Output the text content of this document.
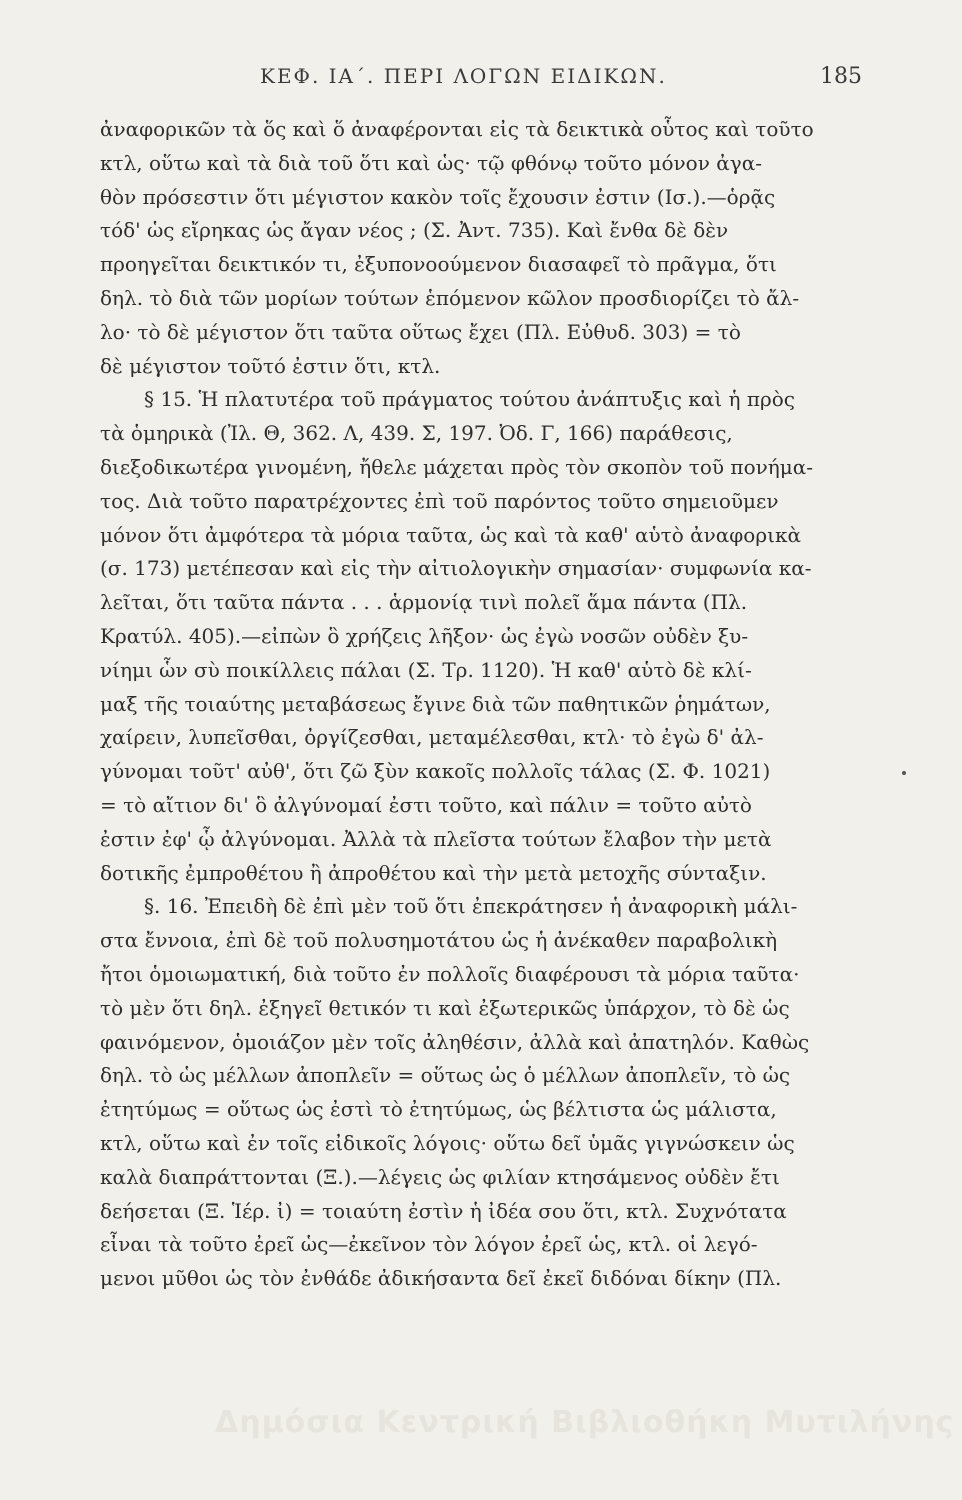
ΚΕΦ. ΙΑ΄. ΠΕΡΙ ΛΟΓΩΝ ΕΙΔΙΚΩΝ.	185
ἀναφορικῶν τὰ ὅς καὶ ὅ ἀναφέρονται εἰς τὰ δεικτικὰ οὗτος καὶ τοῦτο
κτλ, οὕτω καὶ τὰ διὰ τοῦ ὅτι καὶ ὡς· τῷ φθόνῳ τοῦτο μόνον ἀγα-
θὸν πρόσεστιν ὅτι μέγιστον κακὸν τοῖς ἔχουσιν ἐστιν (Ισ.).—ὁρᾷς
τόδ' ὡς εἴρηκας ὡς ἄγαν νέος ; (Σ. Ἀντ. 735). Καὶ ἔνθα δὲ δὲν
προηγεῖται δεικτικόν τι, ἐξυπονοούμενον διασαφεῖ τὸ πρᾶγμα, ὅτι
δηλ. τὸ διὰ τῶν μορίων τούτων ἑπόμενον κῶλον προσδιορίζει τὸ ἄλ-
λο· τὸ δὲ μέγιστον ὅτι ταῦτα οὕτως ἔχει (Πλ. Εὐθυδ. 303) = τὸ
δὲ μέγιστον τοῦτό ἐστιν ὅτι, κτλ.
§ 15. Ἡ πλατυτέρα τοῦ πράγματος τούτου ἀνάπτυξις καὶ ἡ πρὸς
τὰ ὁμηρικὰ (Ἰλ. Θ, 362. Λ, 439. Σ, 197. Ὀδ. Γ, 166) παράθεσις,
διεξοδικωτέρα γινομένη, ἤθελε μάχεται πρὸς τὸν σκοπὸν τοῦ πονήμα-
τος. Διὰ τοῦτο παρατρέχοντες ἐπὶ τοῦ παρόντος τοῦτο σημειοῦμεν
μόνον ὅτι ἀμφότερα τὰ μόρια ταῦτα, ὡς καὶ τὰ καθ' αὑτὸ ἀναφορικὰ
(σ. 173) μετέπεσαν καὶ εἰς τὴν αἰτιολογικὴν σημασίαν· συμφωνία κα-
λεῖται, ὅτι ταῦτα πάντα . . . ἁρμονίᾳ τινὶ πολεῖ ἅμα πάντα (Πλ.
Κρατύλ. 405).—εἰπὼν ὃ χρήζεις λῆξον· ὡς ἐγὼ νοσῶν οὐδὲν ξυ-
νίημι ὧν σὺ ποικίλλεις πάλαι (Σ. Τρ. 1120). Ἡ καθ' αὑτὸ δὲ κλί-
μαξ τῆς τοιαύτης μεταβάσεως ἔγινε διὰ τῶν παθητικῶν ῥημάτων,
χαίρειν, λυπεῖσθαι, ὀργίζεσθαι, μεταμέλεσθαι, κτλ· τὸ ἐγὼ δ' ἀλ-
γύνομαι τοῦτ' αὐθ', ὅτι ζῶ ξὺν κακοῖς πολλοῖς τάλας (Σ. Φ. 1021)
= τὸ αἴτιον δι' ὃ ἀλγύνομαί ἐστι τοῦτο, καὶ πάλιν = τοῦτο αὐτὸ
ἐστιν ἐφ' ᾧ ἀλγύνομαι. Ἀλλὰ τὰ πλεῖστα τούτων ἔλαβον τὴν μετὰ
δοτικῆς ἐμπροθέτου ἢ ἀπροθέτου καὶ τὴν μετὰ μετοχῆς σύνταξιν.
§. 16. Ἐπειδὴ δὲ ἐπὶ μὲν τοῦ ὅτι ἐπεκράτησεν ἡ ἀναφορικὴ μάλι-
στα ἔννοια, ἐπὶ δὲ τοῦ πολυσημοτάτου ὡς ἡ ἀνέκαθεν παραβολικὴ
ἤτοι ὁμοιωματική, διὰ τοῦτο ἐν πολλοῖς διαφέρουσι τὰ μόρια ταῦτα·
τὸ μὲν ὅτι δηλ. ἐξηγεῖ θετικόν τι καὶ ἐξωτερικῶς ὑπάρχον, τὸ δὲ ὡς
φαινόμενον, ὁμοιάζον μὲν τοῖς ἀληθέσιν, ἀλλὰ καὶ ἀπατηλόν. Καθὼς
δηλ. τὸ ὡς μέλλων ἀποπλεῖν = οὕτως ὡς ὁ μέλλων ἀποπλεῖν, τὸ ὡς
ἐτητύμως = οὕτως ὡς ἐστὶ τὸ ἐτητύμως, ὡς βέλτιστα ὡς μάλιστα,
κτλ, οὕτω καὶ ἐν τοῖς εἰδικοῖς λόγοις· οὕτω δεῖ ὑμᾶς γιγνώσκειν ὡς
καλὰ διαπράττονται (Ξ.).—λέγεις ὡς φιλίαν κτησάμενος οὐδὲν ἔτι
δεήσεται (Ξ. Ἱέρ. ἰ) = τοιαύτη ἐστὶν ἡ ἰδέα σου ὅτι, κτλ. Συχνότατα
εἶναι τὰ τοῦτο ἐρεῖ ὡς—ἐκεῖνον τὸν λόγον ἐρεῖ ὡς, κτλ. οἱ λεγό-
μενοι μῦθοι ὡς τὸν ἐνθάδε ἀδικήσαντα δεῖ ἐκεῖ διδόναι δίκην (Πλ.
Δημόσια Κεντρική Βιβλιοθήκη Μυτιλήνης
